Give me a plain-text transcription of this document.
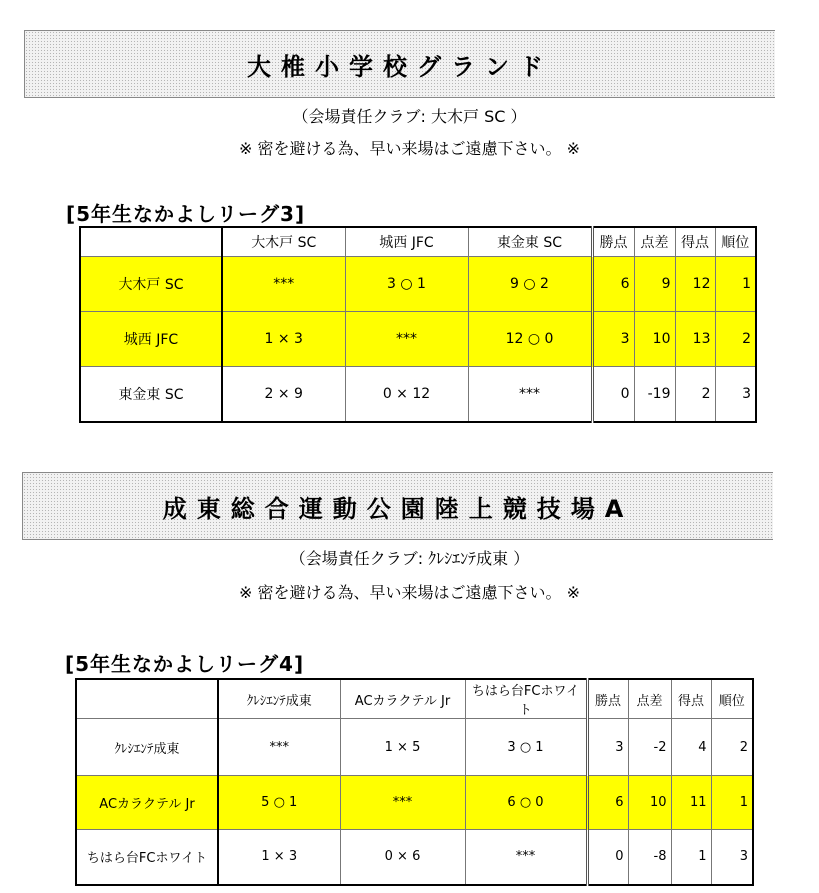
大椎小学校グランド
（会場責任クラブ: 大木戸 SC ）
※ 密を避ける為、早い来場はご遠慮下さい。 ※
[5年生なかよしリーグ3]
	大木戸 SC	城西 JFC	東金東 SC	勝点	点差	得点	順位
大木戸 SC	***	3 ○ 1	9 ○ 2	6	9	12	1
城西 JFC	1 × 3	***	12 ○ 0	3	10	13	2
東金東 SC	2 × 9	0 × 12	***	0	-19	2	3
成東総合運動公園陸上競技場A
（会場責任クラブ: ｸﾚｼｴﾝﾃ成東 ）
※ 密を避ける為、早い来場はご遠慮下さい。 ※
[5年生なかよしリーグ4]
	ｸﾚｼｴﾝﾃ成東	ACカラクテル Jr	ちはら台FCホワイト	勝点	点差	得点	順位
ｸﾚｼｴﾝﾃ成東	***	1 × 5	3 ○ 1	3	-2	4	2
ACカラクテル Jr	5 ○ 1	***	6 ○ 0	6	10	11	1
ちはら台FCホワイト	1 × 3	0 × 6	***	0	-8	1	3
